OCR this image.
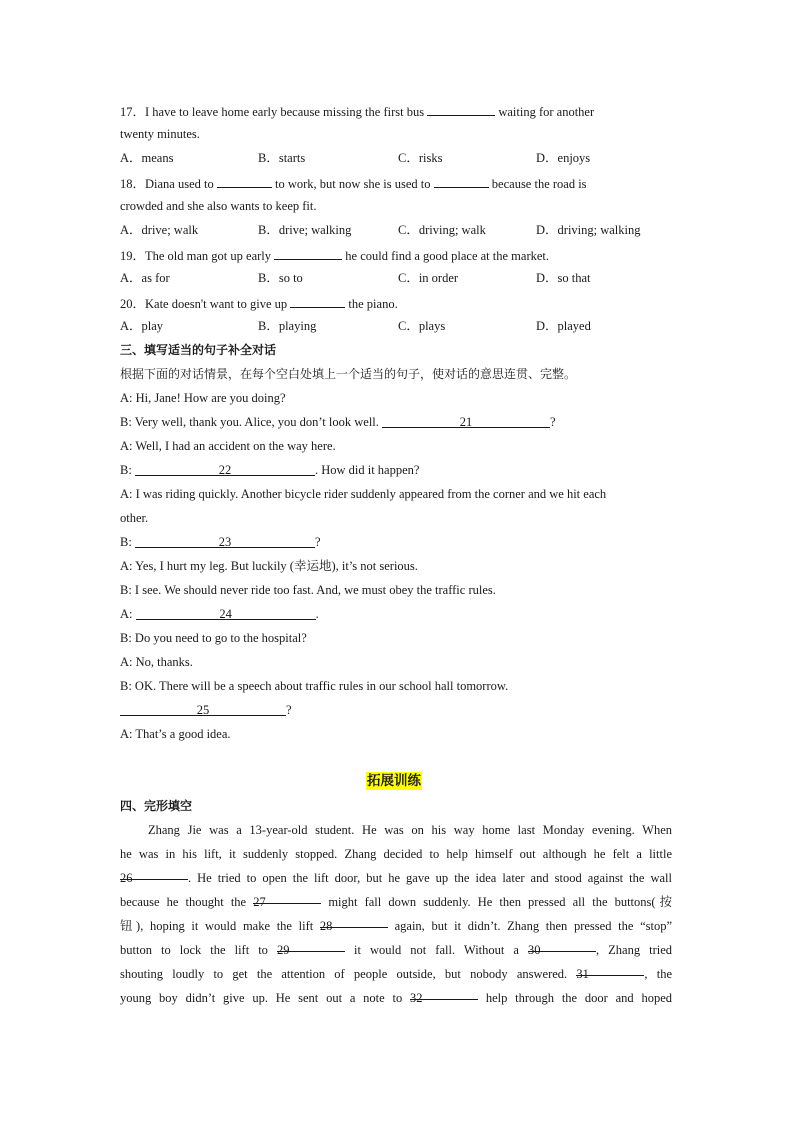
17．I have to leave home early because missing the first bus	waiting for another
twenty minutes.
A．means	B．starts	C．risks	D．enjoys
18．Diana used to	to work, but now she is used to	because the road is
crowded and she also wants to keep fit.
A．drive; walk	B．drive; walking	C．driving; walk	D．driving; walking
19．The old man got up early	he could find a good place at the market.
A．as for	B．so to	C．in order	D．so that
20．Kate doesn't want to give up	the piano.
A．play	B．playing	C．plays	D．played
三、填写适当的句子补全对话
根据下面的对话情景，在每个空白处填上一个适当的句子，使对话的意思连贯、完整。
A: Hi, Jane! How are you doing?
B: Very well, thank you. Alice, you don’t look well.	21	?
A: Well, I had an accident on the way here.
B:	22	. How did it happen?
A: I was riding quickly. Another bicycle rider suddenly appeared from the corner and we hit each
other.
B:	23	?
A: Yes, I hurt my leg. But luckily (幸运地), it’s not serious.
B: I see. We should never ride too fast. And, we must obey the traffic rules.
A:	24	.
B: Do you need to go to the hospital?
A: No, thanks.
B: OK. There will be a speech about traffic rules in our school hall tomorrow.
25	?
A: That’s a good idea.
拓展训练
四、完形填空

Zhang Jie was a 13-year-old student. He was on his way home last Monday evening. When

he was in his lift, it suddenly stopped. Zhang decided to help himself out although he felt a little

26	. He tried to open the lift door, but he gave up the idea later and stood against the wall

because he thought the 27	might fall down suddenly. He then pressed all the buttons(按

钮), hoping it would make the lift 28	again, but it didn’t. Zhang then pressed the “stop”

button to lock the lift to 29	it would not fall. Without a 30	, Zhang tried

shouting loudly to get the attention of people outside, but nobody answered. 31	, the

young boy didn’t give up. He sent out a note to 32	help through the door and hoped
